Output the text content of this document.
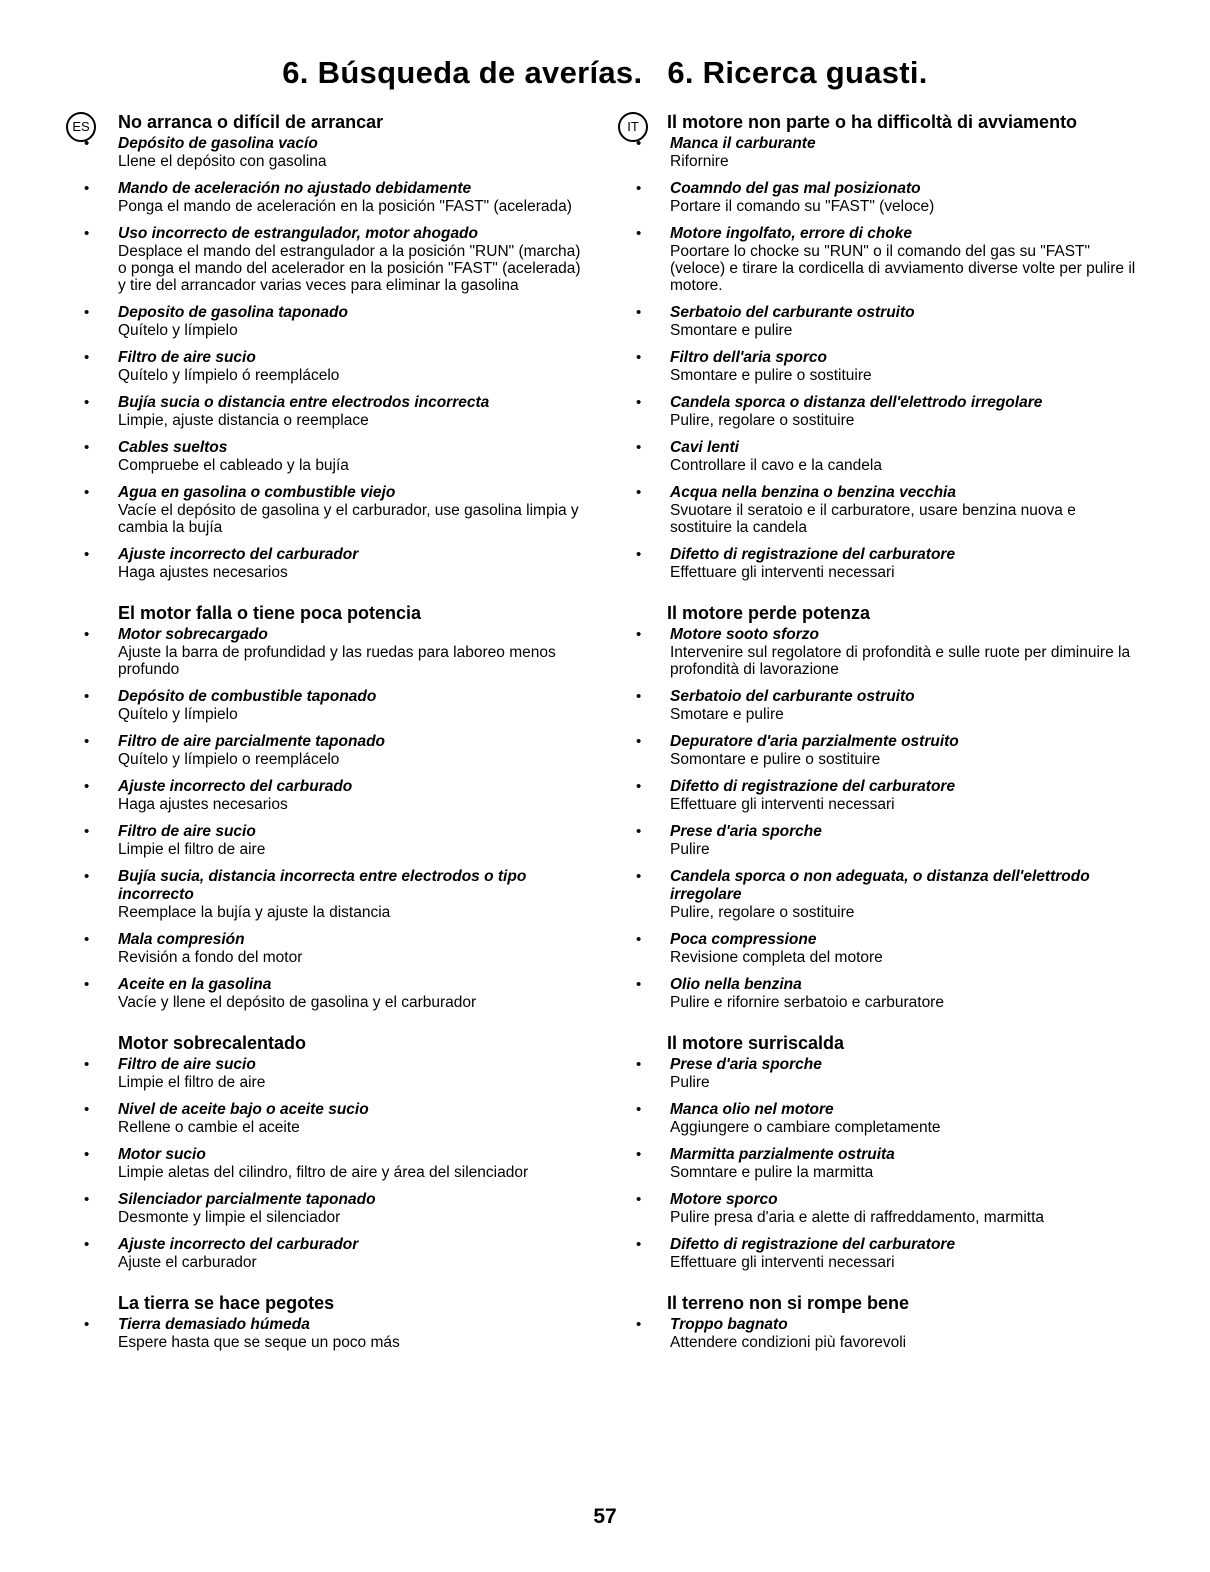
6. Búsqueda de averías. 6. Ricerca guasti.
ES	No arranca o difícil de arrancar
• Depósito de gasolina vacío
Llene el depósito con gasolina
• Mando de aceleración no ajustado debidamente
Ponga el mando de aceleración en la posición "FAST" (acelerada)
• Uso incorrecto de estrangulador, motor ahogado
Desplace el mando del estrangulador a la posición "RUN" (marcha) o ponga el mando del acelerador en la posición "FAST" (acelerada) y tire del arrancador varias veces para eliminar la gasolina
• Deposito de gasolina taponado
Quítelo y límpielo
• Filtro de aire sucio
Quítelo y límpielo ó reemplácelo
• Bujía sucia o distancia entre electrodos incorrecta
Limpie, ajuste distancia o reemplace
• Cables sueltos
Compruebe el cableado y la bujía
• Agua en gasolina o combustible viejo
Vacíe el depósito de gasolina y el carburador, use gasolina limpia y cambia la bujía
• Ajuste incorrecto del carburador
Haga ajustes necesarios
El motor falla o tiene poca potencia
• Motor sobrecargado
Ajuste la barra de profundidad y las ruedas para laboreo menos profundo
• Depósito de combustible taponado
Quítelo y límpielo
• Filtro de aire parcialmente taponado
Quítelo y límpielo o reemplácelo
• Ajuste incorrecto del carburado
Haga ajustes necesarios
• Filtro de aire sucio
Limpie el filtro de aire
• Bujía sucia, distancia incorrecta entre electrodos o tipo incorrecto
Reemplace la bujía y ajuste la distancia
• Mala compresión
Revisión a fondo del motor
• Aceite en la gasolina
Vacíe y llene el depósito de gasolina y el carburador
Motor sobrecalentado
• Filtro de aire sucio
Limpie el filtro de aire
• Nivel de aceite bajo o aceite sucio
Rellene o cambie el aceite
• Motor sucio
Limpie aletas del cilindro, filtro de aire y área del silenciador
• Silenciador parcialmente taponado
Desmonte y limpie el silenciador
• Ajuste incorrecto del carburador
Ajuste el carburador
La tierra se hace pegotes
• Tierra demasiado húmeda
Espere hasta que se seque un poco más
IT	Il motore non parte o ha difficoltà di avviamento
• Manca il carburante
Rifornire
• Coamndo del gas mal posizionato
Portare il comando su "FAST" (veloce)
• Motore ingolfato, errore di choke
Poortare lo chocke su "RUN" o il comando del gas su "FAST" (veloce) e tirare la cordicella di avviamento diverse volte per pulire il motore.
• Serbatoio del carburante ostruito
Smontare e pulire
• Filtro dell'aria sporco
Smontare e pulire o sostituire
• Candela sporca o distanza dell'elettrodo irregolare
Pulire, regolare o sostituire
• Cavi lenti
Controllare il cavo e la candela
• Acqua nella benzina o benzina vecchia
Svuotare il seratoio e il carburatore, usare benzina nuova e sostituire la candela
• Difetto di registrazione del carburatore
Effettuare gli interventi necessari
Il motore perde potenza
• Motore sooto sforzo
Intervenire sul regolatore di profondità e sulle ruote per diminuire la profondità di lavorazione
• Serbatoio del carburante ostruito
Smotare e pulire
• Depuratore d'aria parzialmente ostruito
Somontare e pulire o sostituire
• Difetto di registrazione del carburatore
Effettuare gli interventi necessari
• Prese d'aria sporche
Pulire
• Candela sporca o non adeguata, o distanza dell'elettrodo irregolare
Pulire, regolare o sostituire
• Poca compressione
Revisione completa del motore
• Olio nella benzina
Pulire e rifornire serbatoio e carburatore
Il motore surriscalda
• Prese d'aria sporche
Pulire
• Manca olio nel motore
Aggiungere o cambiare completamente
• Marmitta parzialmente ostruita
Somntare e pulire la marmitta
• Motore sporco
Pulire presa d'aria e alette di raffreddamento, marmitta
• Difetto di registrazione del carburatore
Effettuare gli interventi necessari
Il terreno non si rompe bene
• Troppo bagnato
Attendere condizioni più favorevoli
57
